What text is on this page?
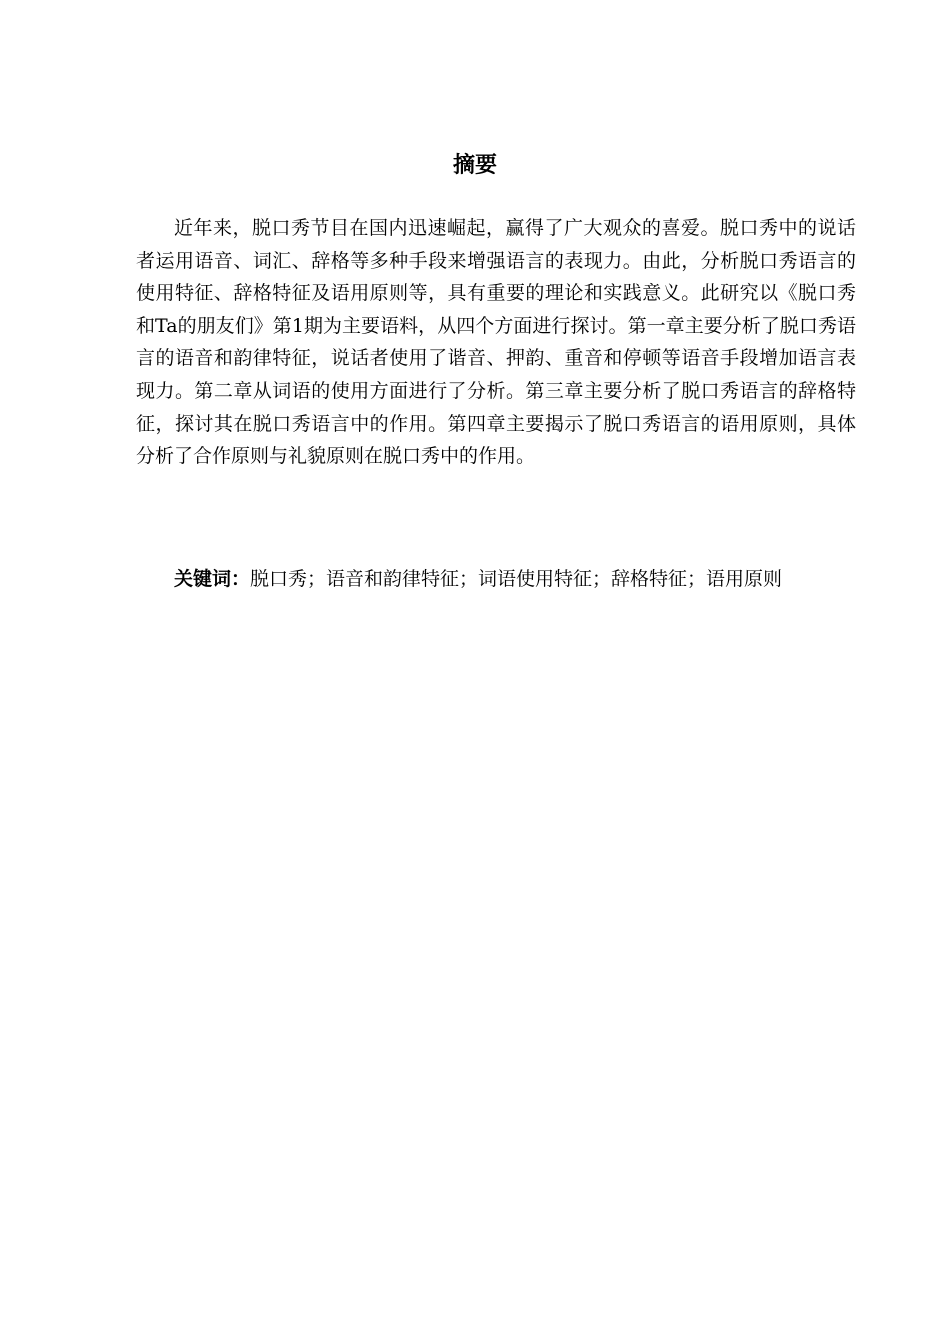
摘要

近年来，脱口秀节目在国内迅速崛起，赢得了广大观众的喜爱。脱口秀中的说话者运用语音、词汇、辞格等多种手段来增强语言的表现力。由此，分析脱口秀语言的使用特征、辞格特征及语用原则等，具有重要的理论和实践意义。此研究以《脱口秀和Ta的朋友们》第1期为主要语料，从四个方面进行探讨。第一章主要分析了脱口秀语言的语音和韵律特征，说话者使用了谐音、押韵、重音和停顿等语音手段增加语言表现力。第二章从词语的使用方面进行了分析。第三章主要分析了脱口秀语言的辞格特征，探讨其在脱口秀语言中的作用。第四章主要揭示了脱口秀语言的语用原则，具体分析了合作原则与礼貌原则在脱口秀中的作用。

关键词：脱口秀；语音和韵律特征；词语使用特征；辞格特征；语用原则
